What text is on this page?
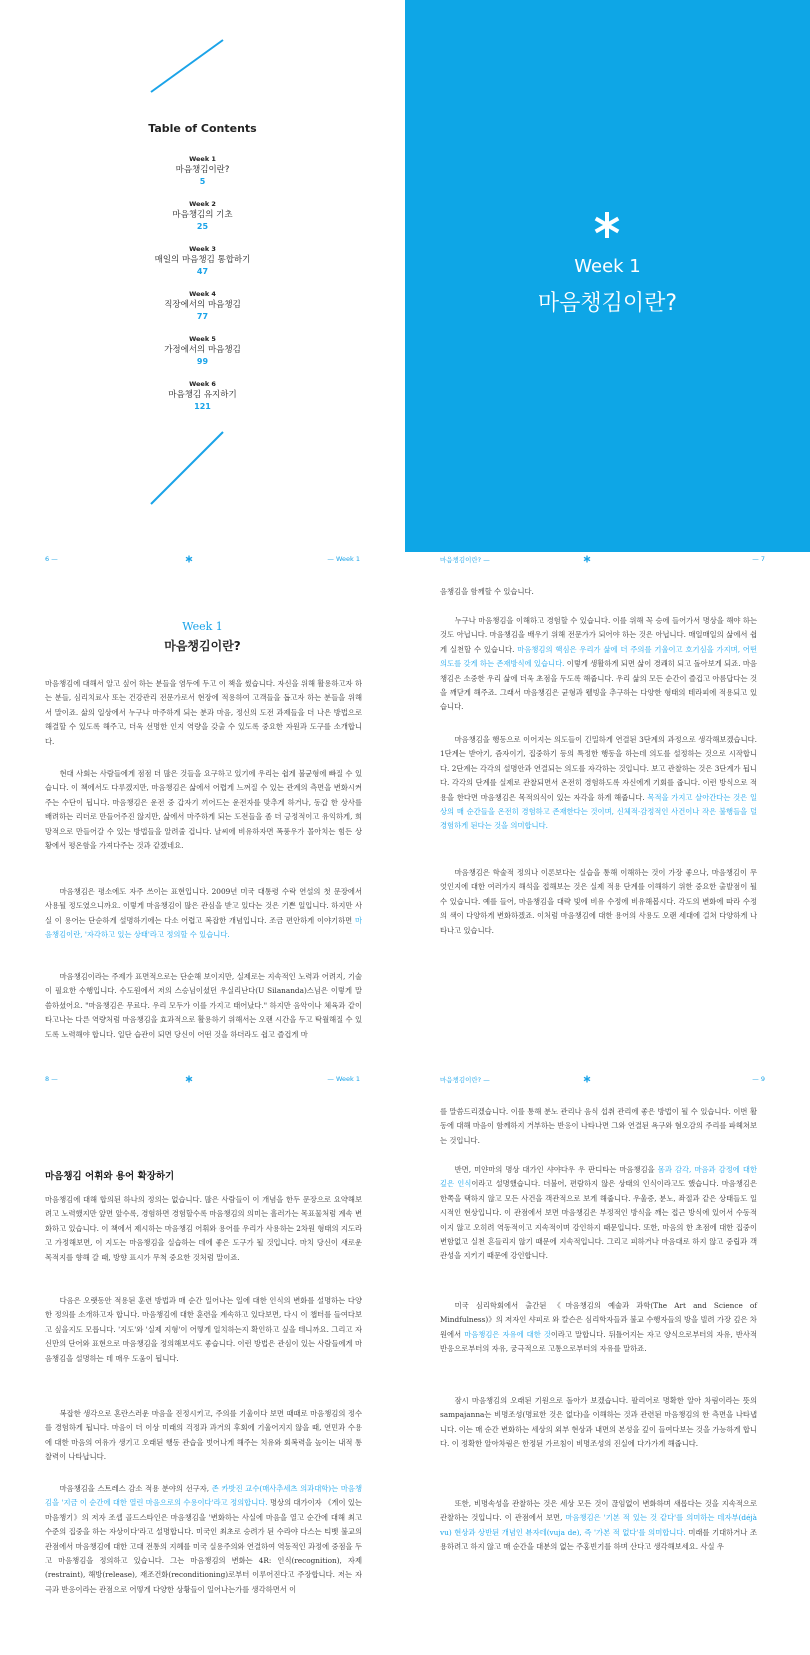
Table of Contents
Week 1
마음챙김이란?
5
Week 2
마음챙김의 기초
25
Week 3
매일의 마음챙김 통합하기
47
Week 4
직장에서의 마음챙김
77
Week 5
가정에서의 마음챙김
99
Week 6
마음챙김 유지하기
121
Week 1
마음챙김이란?
6 —	— Week 1
Week 1
마음챙김이란?

마음챙김에 대해서 알고 싶어 하는 분들을 염두에 두고 이 책을 썼습니다. 자신을 위해 활용하고자 하는 분들, 심리치료사 또는 건강관리 전문가로서 현장에 적용하여 고객들을 돕고자 하는 분들을 위해서 말이죠. 삶의 일상에서 누구나 마주하게 되는 분과 마음, 정신의 도전 과제들을 더 나은 방법으로 해결할 수 있도록 해주고, 더욱 선명한 인지 역량을 갖출 수 있도록 중요한 자원과 도구를 소개합니다.

현대 사회는 사람들에게 점점 더 많은 것들을 요구하고 있기에 우리는 쉽게 불균형에 빠질 수 있습니다. 이 책에서도 다루겠지만, 마음챙김은 삶에서 어렵게 느껴질 수 있는 관계의 측면을 변화시켜주는 수단이 됩니다. 마음챙김은 운전 중 갑자기 끼어드는 운전자를 맞추게 하거나, 동갑 한 상사를 배려하는 리더로 만들어주진 않지만, 삶에서 마주하게 되는 도전들을 좀 더 긍정적이고 유익하게, 희망적으로 만들어갈 수 있는 방법들을 알려줄 겁니다. 날씨에 비유하자면 폭풍우가 몰아치는 힘든 상황에서 평온함을 가져다주는 것과 같겠네요.

마음챙김은 평소에도 자주 쓰이는 표현입니다. 2009년 미국 대통령 수락 연설의 첫 문장에서 사용될 정도였으니까요. 이렇게 마음챙김이 많은 관심을 받고 있다는 것은 기쁜 일입니다. 하지만 사실 이 용어는 단순하게 설명하기에는 다소 어렵고 복잡한 개념입니다. 조금 편안하게 이야기하면 마음챙김이란, '자각하고 있는 상태'라고 정의할 수 있습니다.

마음챙김이라는 주제가 표면적으로는 단순해 보이지만, 실제로는 지속적인 노력과 어려지, 기술이 필요한 수행입니다. 수도원에서 저의 스승님이셨던 우실리난다(U Silananda)스님은 이렇게 말씀하셨어요. "마음챙김은 무료다. 우리 모두가 이를 가지고 태어났다." 하지만 음악이나 체육과 같이 타고나는 다른 역량처럼 마음챙김을 효과적으로 활용하기 위해서는 오랜 시간을 두고 탁월해질 수 있도록 노력해야 합니다. 일단 습관이 되면 당신이 어떤 것을 하더라도 쉽고 즐겁게 마

마음챙김이란? —	— 7

음챙김을 함께할 수 있습니다.

누구나 마음챙김을 이해하고 경험할 수 있습니다. 이를 위해 꼭 승에 들어가서 명상을 해야 하는 것도 아닙니다. 마음챙김을 배우기 위해 전문가가 되어야 하는 것은 아닙니다. 매일매일의 삶에서 쉽게 실천할 수 있습니다. 마음챙김의 핵심은 우리가 삶에 더 주의를 기울이고 호기심을 가지며, 어떤 의도를 갖게 하는 존재방식에 있습니다. 이렇게 생활하게 되면 삶이 경쾌히 되고 돌아보게 되죠. 마음챙김은 소중한 우리 삶에 더욱 초점을 두도록 해줍니다. 우리 삶의 모든 순간이 즐겁고 아름답다는 것을 깨닫게 해주죠. 그래서 마음챙김은 균형과 웰빙을 추구하는 다양한 형태의 테라피에 적용되고 있습니다.

마음챙김을 행동으로 이어지는 의도들이 긴밀하게 연결된 3단계의 과정으로 생각해보겠습니다. 1단계는 받아기, 즘자이기, 집중하기 등의 특정한 행동을 하는데 의도를 설정하는 것으로 시작합니다. 2단계는 각각의 설명안과 연결되는 의도를 자각하는 것입니다. 보고 관찰하는 것은 3단계가 됩니다. 각각의 단계를 실제로 관찰되면서 온전히 경험하도록 자신에게 기회를 줍니다. 이런 방식으로 적용을 한다면 마음챙김은 목적의식이 있는 자각을 하게 해줍니다. 목적을 가지고 살아간다는 것은 일상의 매 순간들을 온전히 경험하고 존재한다는 것이며, 신체적·감정적인 사건이나 작은 불행들을 덜 경험하게 된다는 것을 의미합니다.

마음챙김은 학술적 정의나 이론보다는 실습을 통해 이해하는 것이 가장 좋으나, 마음챙김이 무엇인지에 대한 여러가지 해석을 접해보는 것은 실제 적용 단계를 이해하기 위한 중요한 출발점이 될 수 있습니다. 예를 들어, 마음챙김을 대략 빛에 비유 수정에 비유해봅시다. 각도의 변화에 따라 수정의 색이 다양하게 변화하겠죠. 이처럼 마음챙김에 대한 용어의 사용도 오랜 세대에 걸쳐 다양하게 나타나고 있습니다.

8 —	— Week 1
마음챙김 어휘와 용어 확장하기

마음챙김에 대해 합의된 하나의 정의는 없습니다. 많은 사람들이 이 개념을 한두 문장으로 요약해보려고 노력했지만 앞면 앞수록, 경험하면 경험할수록 마음챙김의 의미는 흘러가는 목표물처럼 계속 변화하고 있습니다. 이 책에서 제시하는 마음챙김 어휘와 용어를 우리가 사용하는 2차원 형태의 지도라고 가정해보면, 이 지도는 마음챙김을 실습하는 데에 좋은 도구가 될 것입니다. 마치 당신이 새로운 목적지를 향해 갈 때, 방향 표시가 무척 중요한 것처럼 말이죠.

다음은 오랫동안 적용된 훈련 방법과 매 순간 일어나는 일에 대한 인식의 변화를 설명하는 다양한 정의를 소개하고자 합니다. 마음챙김에 대한 훈련을 계속하고 있다보면, 다시 이 챕터를 들여다보고 싶을지도 모릅니다. '지도'와 '실제 지형'이 어떻게 일치하는지 확인하고 싶을 테니까요. 그리고 자신만의 단어와 표현으로 마음챙김을 정의해보셔도 좋습니다. 이런 방법은 관심이 있는 사람들에게 마음챙김을 설명하는 데 매우 도움이 됩니다.

복잡한 생각으로 혼란스러운 마음을 진정시키고, 주의를 기울이다 보면 때때로 마음챙김의 정수를 경험하게 됩니다. 마음이 더 이상 미래의 걱정과 과거의 후회에 기울어지지 않을 때, 연민과 수용에 대한 마음의 여유가 생기고 오래된 행동 관습을 벗어나게 해주는 치유와 회복력을 높이는 내적 통찰력이 나타납니다.

마음챙김을 스트레스 감소 적용 분야의 선구자, 존 카밧진 교수(매사추세츠 의과대학)는 마음챙김을 '지금 이 순간에 대한 열린 마음으로의 수용이다'라고 정의합니다. 명상의 대가이자 《게이 있는 마음챙기》의 저자 조셉 골드스타인은 마음챙김을 '변화하는 사실에 마음을 열고 순간에 대해 최고 수준의 집중을 하는 자상이다'라고 설명합니다. 미국인 최초로 승려가 된 수라야 다스는 티벳 불교의 관점에서 마음챙김에 대한 고대 전통의 지혜를 미국 실용주의와 연결하여 역동적인 과정에 중점을 두고 마음챙김을 정의하고 있습니다. 그는 마음챙김의 변화는 4R: 인식(recognition), 자제(restraint), 해방(release), 재조건화(reconditioning)로부터 이루어진다고 주장합니다. 저는 자극과 반응이라는 관점으로 어떻게 다양한 상황들이 일어나는가를 생각하면서 이

마음챙김이란? —	— 9

를 말씀드리겠습니다. 이를 통해 분노 관리나 음식 섭취 관리에 좋은 방법이 될 수 있습니다. 이번 활동에 대해 마음이 함께하지 거부하는 반응이 나타나면 그와 연결된 욕구와 혐오감의 주리를 파헤쳐보는 것입니다.

반면, 미얀마의 명상 대가인 샤야다우 우 판디타는 마음챙김을 몸과 감각, 마음과 감정에 대한 깊은 인식이라고 설명했습니다. 더불어, 편람하지 않은 상태의 인식이라고도 했습니다. 마음챙김은 한쪽을 택하지 않고 모든 사건을 객관적으로 보게 해줍니다. 우울증, 분노, 좌절과 같은 상태들도 일시적인 현상입니다. 이 관점에서 보면 마음챙김은 부정적인 방식을 깨는 접근 방식에 있어서 수동적이지 않고 오히려 역동적이고 지속적이며 강인하지 때문입니다. 또한, 마음의 한 초점에 대한 집중이 변함없고 실천 흔들리지 않기 때문에 지속적입니다. 그리고 피하거나 마음대로 하지 않고 중립과 객관성을 지키기 때문에 강인합니다.

미국 심리학회에서 출간된 《마음챙김의 예술과 과학(The Art and Science of Mindfulness)》의 저자인 샤피로 와 칼슨은 심리학자들과 불교 수행자들의 방을 빌려 가장 깊은 차원에서 마음챙김은 자유에 대한 것이라고 말합니다. 뒤틀어지는 자고 양식으로부터의 자유, 반사적 반응으로부터의 자유, 궁극적으로 고통으로부터의 자유를 말하죠.

잠시 마음챙김의 오래된 기원으로 돌아가 보겠습니다. 팔리어로 명확한 알아 차림이라는 뜻의 sampajanna는 비명조성(명료한 것은 없다)을 이해하는 것과 관련된 마음챙김의 한 측면을 나타냅니다. 이는 매 순간 변화하는 세상의 외부 현상과 내면의 본성을 깊이 들여다보는 것을 가능하게 합니다. 이 정확한 알아차림은 한정된 가르침이 비명조성의 진실에 다가가게 해줍니다.

또한, 비명속성을 관찰하는 것은 세상 모든 것이 끊임없이 변화하며 새롭다는 것을 지속적으로 관찰하는 것입니다. 이 관점에서 보면, 마음챙김은 '기본 적 있는 것 같다'를 의미하는 데자부(déjà vu) 현상과 상반된 개념인 뷰자데(vuja de), 즉 '가본 적 없다'를 의미합니다. 미래를 기대하거나 조용하려고 하지 않고 매 순간을 대분의 없는 주홍빈기를 하며 산다고 생각해보세요. 사실 우
